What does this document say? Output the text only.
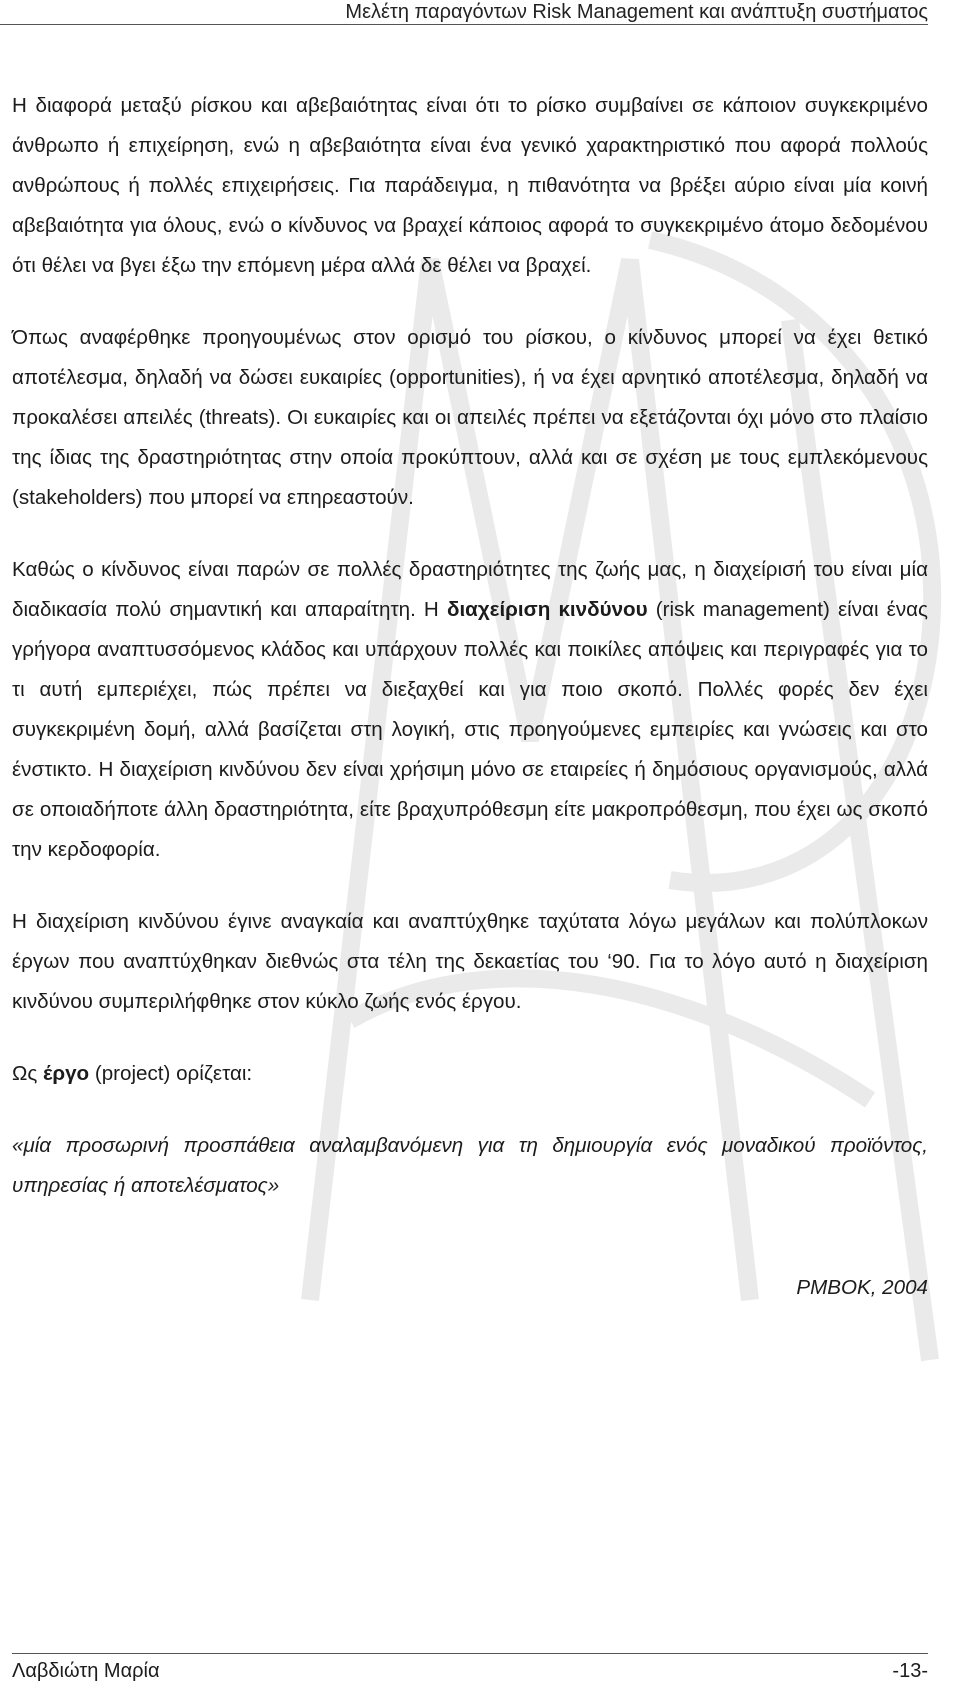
Μελέτη παραγόντων Risk Management και ανάπτυξη συστήματος

Η διαφορά μεταξύ ρίσκου και αβεβαιότητας είναι ότι το ρίσκο συμβαίνει σε κάποιον συγκεκριμένο άνθρωπο ή επιχείρηση, ενώ η αβεβαιότητα είναι ένα γενικό χαρακτηριστικό που αφορά πολλούς ανθρώπους ή πολλές επιχειρήσεις. Για παράδειγμα, η πιθανότητα να βρέξει αύριο είναι μία κοινή αβεβαιότητα για όλους, ενώ ο κίνδυνος να βραχεί κάποιος αφορά το συγκεκριμένο άτομο δεδομένου ότι θέλει να βγει έξω την επόμενη μέρα αλλά δε θέλει να βραχεί.

Όπως αναφέρθηκε προηγουμένως στον ορισμό του ρίσκου, ο κίνδυνος μπορεί να έχει θετικό αποτέλεσμα, δηλαδή να δώσει ευκαιρίες (opportunities), ή να έχει αρνητικό αποτέλεσμα, δηλαδή να προκαλέσει απειλές (threats). Οι ευκαιρίες και οι απειλές πρέπει να εξετάζονται όχι μόνο στο πλαίσιο της ίδιας της δραστηριότητας στην οποία προκύπτουν, αλλά και σε σχέση με τους εμπλεκόμενους (stakeholders) που μπορεί να επηρεαστούν.

Καθώς ο κίνδυνος είναι παρών σε πολλές δραστηριότητες της ζωής μας, η διαχείρισή του είναι μία διαδικασία πολύ σημαντική και απαραίτητη. Η διαχείριση κινδύνου (risk management) είναι ένας γρήγορα αναπτυσσόμενος κλάδος και υπάρχουν πολλές και ποικίλες απόψεις και περιγραφές για το τι αυτή εμπεριέχει, πώς πρέπει να διεξαχθεί και για ποιο σκοπό. Πολλές φορές δεν έχει συγκεκριμένη δομή, αλλά βασίζεται στη λογική, στις προηγούμενες εμπειρίες και γνώσεις και στο ένστικτο. Η διαχείριση κινδύνου δεν είναι χρήσιμη μόνο σε εταιρείες ή δημόσιους οργανισμούς, αλλά σε οποιαδήποτε άλλη δραστηριότητα, είτε βραχυπρόθεσμη είτε μακροπρόθεσμη, που έχει ως σκοπό την κερδοφορία.

Η διαχείριση κινδύνου έγινε αναγκαία και αναπτύχθηκε ταχύτατα λόγω μεγάλων και πολύπλοκων έργων που αναπτύχθηκαν διεθνώς στα τέλη της δεκαετίας του ‘90. Για το λόγο αυτό η διαχείριση κινδύνου συμπεριλήφθηκε στον κύκλο ζωής ενός έργου.

Ως έργο (project) ορίζεται:

«μία προσωρινή προσπάθεια αναλαμβανόμενη για τη δημιουργία ενός μοναδικού προϊόντος, υπηρεσίας ή αποτελέσματος»

PMBOK, 2004

Λαβδιώτη Μαρία	-13-
